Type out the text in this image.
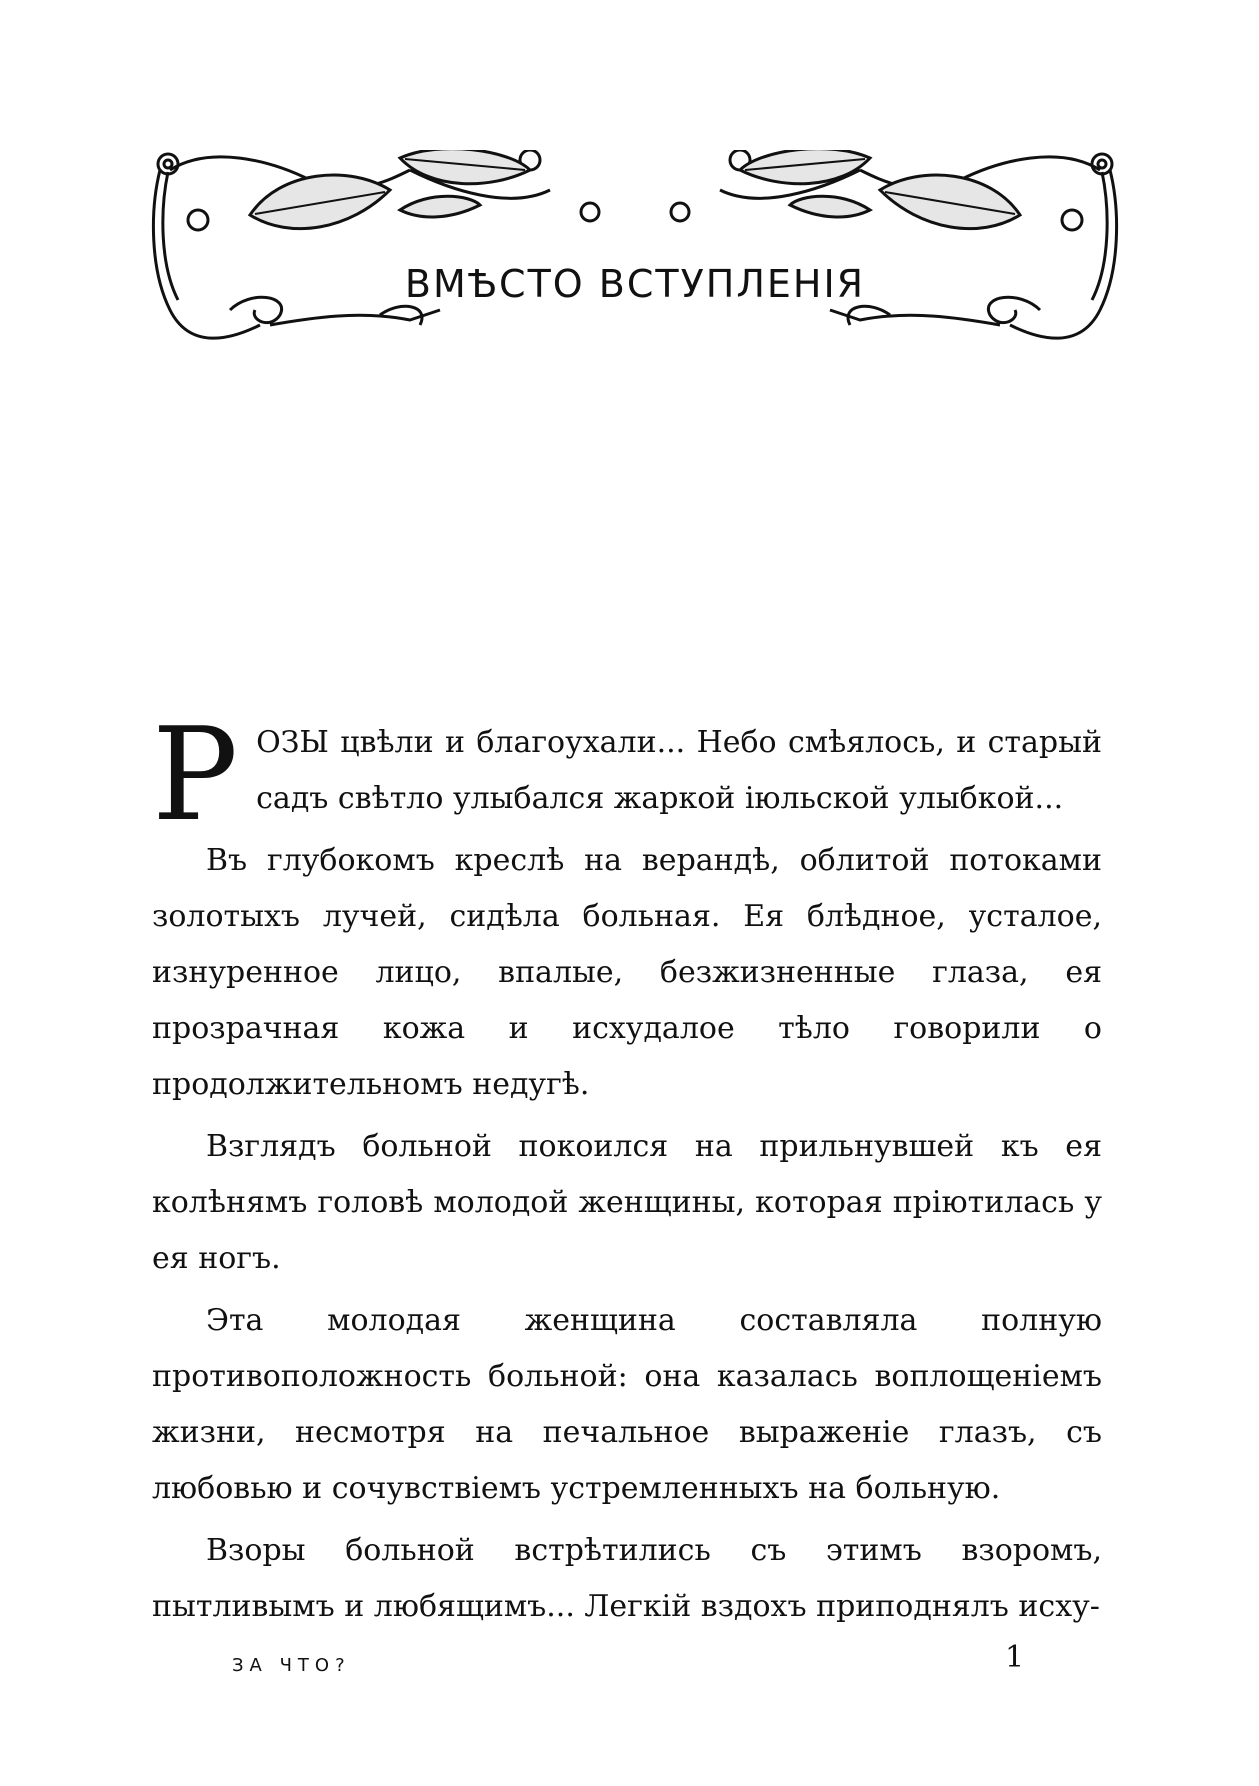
ВМѢСТО ВСТУПЛЕНІЯ

РОЗЫ цвѣли и благоухали... Небо смѣялось, и старый садъ свѣтло улыбался жаркой іюльской улыбкой...

Въ глубокомъ креслѣ на верандѣ, облитой потоками золотыхъ лучей, сидѣла больная. Ея блѣдное, усталое, изнуренное лицо, впалые, безжизненные глаза, ея прозрачная кожа и исхудалое тѣло говорили о продолжительномъ недугѣ.

Взглядъ больной покоился на прильнувшей къ ея колѣнямъ головѣ молодой женщины, которая пріютилась у ея ногъ.

Эта молодая женщина составляла полную противоположность больной: она казалась воплощеніемъ жизни, несмотря на печальное выраженіе глазъ, съ любовью и сочувствіемъ устремленныхъ на больную.

Взоры больной встрѣтились съ этимъ взоромъ, пытливымъ и любящимъ... Легкій вздохъ приподнялъ исху-

ЗА ЧТО?	1
